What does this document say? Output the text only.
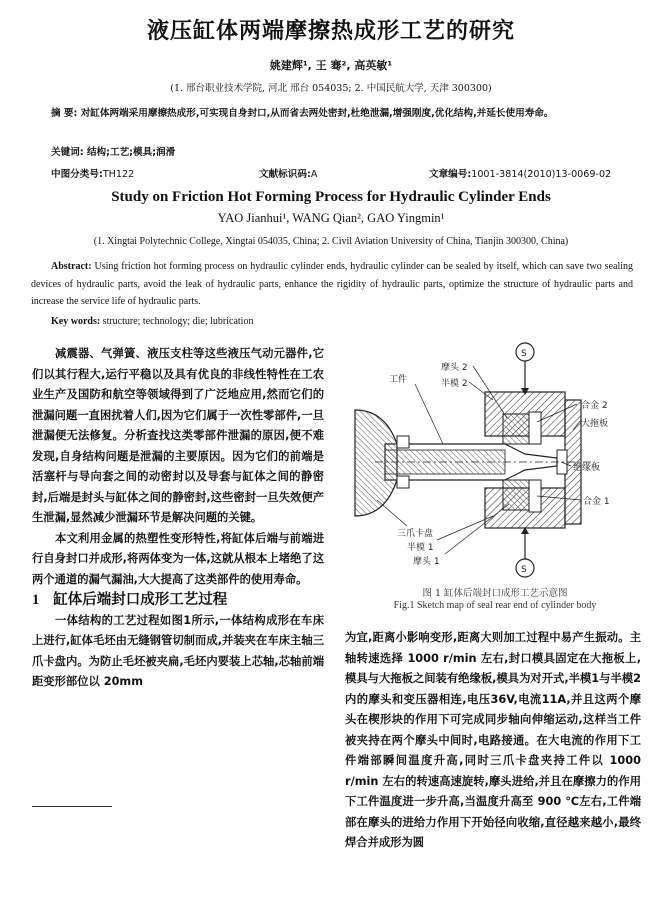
液压缸体两端摩擦热成形工艺的研究
姚建辉¹, 王 骞², 高英敏¹
(1. 邢台职业技术学院, 河北 邢台 054035; 2. 中国民航大学, 天津 300300)
摘 要: 对缸体两端采用摩擦热成形,可实现自身封口,从而省去两处密封,杜绝泄漏,增强刚度,优化结构,并延长使用寿命。
关键词: 结构;工艺;模具;润滑
中图分类号:TH122	文献标识码:A	文章编号:1001-3814(2010)13-0069-02
Study on Friction Hot Forming Process for Hydraulic Cylinder Ends
YAO Jianhui¹, WANG Qian², GAO Yingmin¹
(1. Xingtai Polytechnic College, Xingtai 054035, China; 2. Civil Aviation University of China, Tianjin 300300, China)
Abstract: Using friction hot forming process on hydraulic cylinder ends, hydraulic cylinder can be sealed by itself, which can save two sealing devices of hydraulic parts, avoid the leak of hydraulic parts, enhance the rigidity of hydraulic parts, optimize the structure of hydraulic parts and increase the service life of hydraulic parts.
Key words: structure; technology; die; lubrication

减震器、气弹簧、液压支柱等这些液压气动元器件,它们以其行程大,运行平稳以及具有优良的非线性特性在工农业生产及国防和航空等领域得到了广泛地应用,然而它们的泄漏问题一直困扰着人们,因为它们属于一次性零部件,一旦泄漏便无法修复。分析查找这类零部件泄漏的原因,便不难发现,自身结构问题是泄漏的主要原因。因为它们的前端是活塞杆与导向套之间的动密封以及导套与缸体之间的静密封,后端是封头与缸体之间的静密封,这些密封一旦失效便产生泄漏,显然减少泄漏环节是解决问题的关键。

本文利用金属的热塑性变形特性,将缸体后端与前端进行自身封口并成形,将两体变为一体,这就从根本上堵绝了这两个通道的漏气漏油,大大提高了这类部件的使用寿命。

1 缸体后端封口成形工艺过程

一体结构的工艺过程如图1所示,一体结构成形在车床上进行,缸体毛坯由无缝钢管切制而成,并装夹在车床主轴三爪卡盘内。为防止毛坯被夹扁,毛坯内要装上芯轴,芯轴前端距变形部位以 20mm

S
S
摩头 2
半模 2
工件
合金 2
大拖板
绝缘板
合金 1
三爪卡盘
半模 1
摩头 1
图 1 缸体后端封口成形工艺示意图
Fig.1 Sketch map of seal rear end of cylinder body

为宜,距离小影响变形,距离大则加工过程中易产生振动。主轴转速选择 1000 r/min 左右,封口模具固定在大拖板上,模具与大拖板之间装有绝缘板,模具为对开式,半模1与半模2内的摩头和变压器相连,电压36V,电流11A,并且这两个摩头在楔形块的作用下可完成同步轴向伸缩运动,这样当工件被夹持在两个摩头中间时,电路接通。在大电流的作用下工件端部瞬间温度升高,同时三爪卡盘夹持工件以 1000 r/min 左右的转速高速旋转,摩头进给,并且在摩擦力的作用下工件温度进一步升高,当温度升高至 900 ℃左右,工件端部在摩头的进给力作用下开始径向收缩,直径越来越小,最终焊合并成形为圆
